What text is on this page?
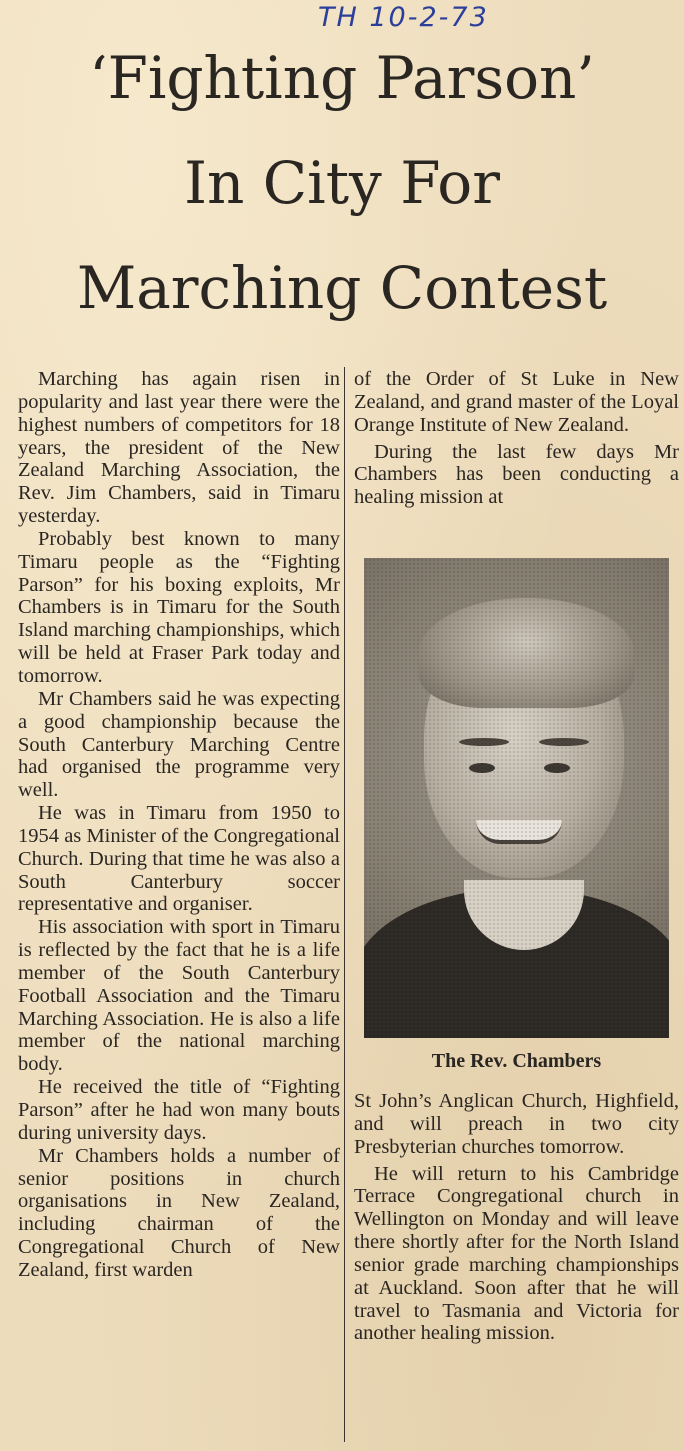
TH 10-2-73
‘Fighting Parson’
In City For
Marching Contest

Marching has again risen in popularity and last year there were the highest numbers of competitors for 18 years, the president of the New Zealand Marching Association, the Rev. Jim Chambers, said in Timaru yesterday.

Probably best known to many Timaru people as the “Fighting Parson” for his boxing exploits, Mr Chambers is in Timaru for the South Island marching championships, which will be held at Fraser Park today and tomorrow.

Mr Chambers said he was expecting a good championship because the South Canterbury Marching Centre had organised the programme very well.

He was in Timaru from 1950 to 1954 as Minister of the Congregational Church. During that time he was also a South Canterbury soccer representative and organiser.

His association with sport in Timaru is reflected by the fact that he is a life member of the South Canterbury Football Association and the Timaru Marching Association. He is also a life member of the national marching body.

He received the title of “Fighting Parson” after he had won many bouts during university days.

Mr Chambers holds a number of senior positions in church organisations in New Zealand, including chairman of the Congregational Church of New Zealand, first warden

of the Order of St Luke in New Zealand, and grand master of the Loyal Orange Institute of New Zealand.

During the last few days Mr Chambers has been conducting a healing mission at

The Rev. Chambers

St John’s Anglican Church, Highfield, and will preach in two city Presbyterian churches tomorrow.

He will return to his Cambridge Terrace Congregational church in Wellington on Monday and will leave there shortly after for the North Island senior grade marching championships at Auckland. Soon after that he will travel to Tasmania and Victoria for another healing mission.
